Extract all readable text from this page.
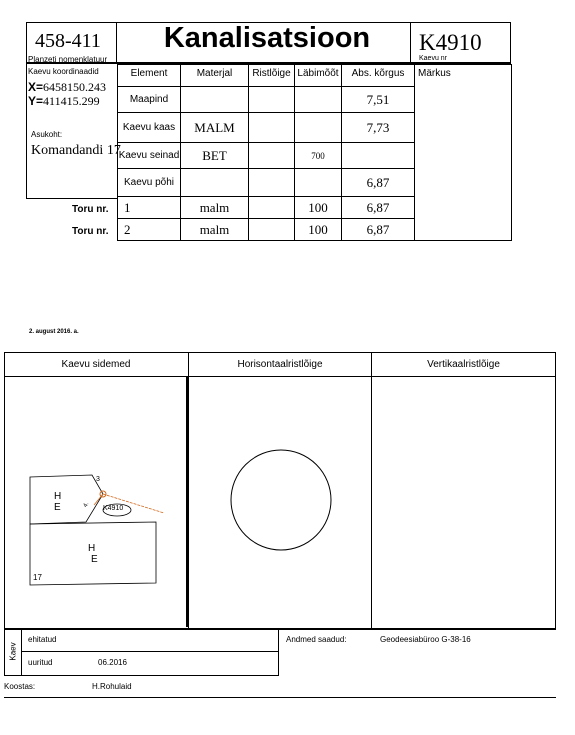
458-411
Planzeti nomenklatuur
Kanalisatsioon	K4910
Kaevu nr
Kaevu koordinaadid
X=6458150.243
Y=411415.299
Asukoht:
Komandandi 17
Element	Materjal	Ristlõige	Läbimõõt	Abs. kõrgus	Märkus
Maapind				7,51	
Kaevu kaas	MALM			7,73	
Kaevu seinad	BET		700		
Kaevu põhi				6,87	
1	malm		100	6,87	
2	malm		100	6,87	
Toru nr.
Toru nr.
2. august 2016. a.
Kaevu sidemed	Horisontaalristlõige	Vertikaalristlõige
H
E
H
E
17
K4910
4.
3
Kaev
ehitatud
uuritud	06.2016
Andmed saadud:	Geodeesiabüroo G-38-16
Koostas:	H.Rohulaid
